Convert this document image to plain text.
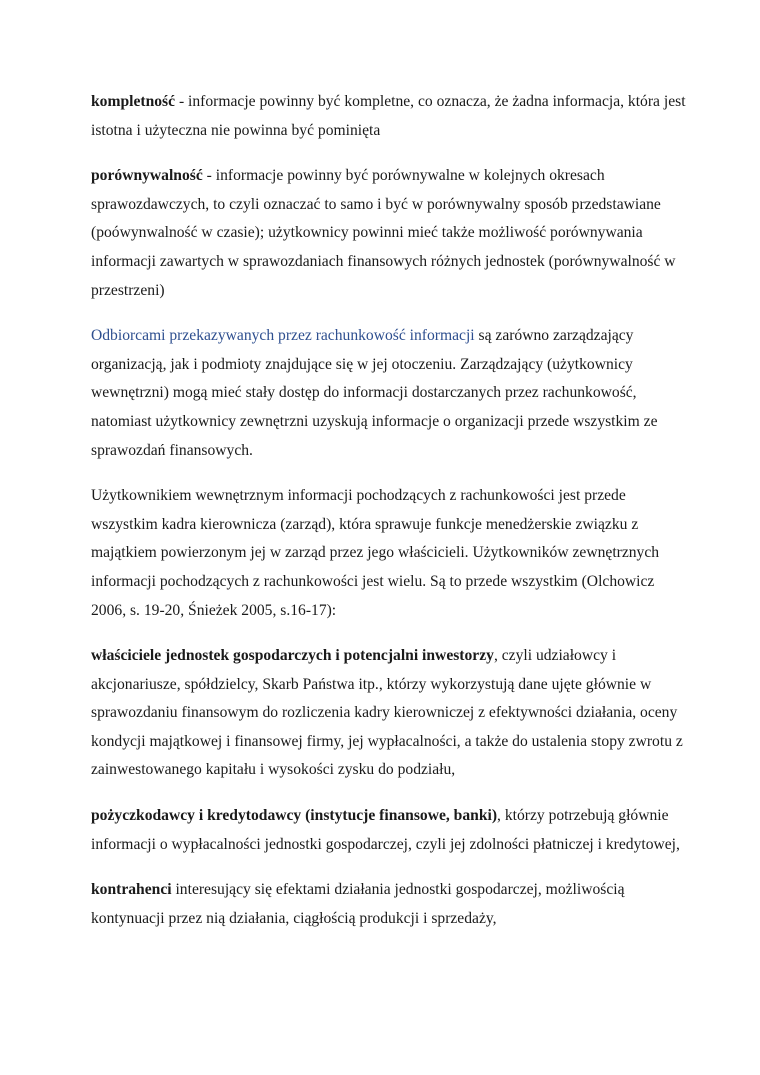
kompletność - informacje powinny być kompletne, co oznacza, że żadna informacja, która jest istotna i użyteczna nie powinna być pominięta

porównywalność - informacje powinny być porównywalne w kolejnych okresach sprawozdawczych, to czyli oznaczać to samo i być w porównywalny sposób przedstawiane (poówynwalność w czasie); użytkownicy powinni mieć także możliwość porównywania informacji zawartych w sprawozdaniach finansowych różnych jednostek (porównywalność w przestrzeni)

Odbiorcami przekazywanych przez rachunkowość informacji są zarówno zarządzający organizacją, jak i podmioty znajdujące się w jej otoczeniu. Zarządzający (użytkownicy wewnętrzni) mogą mieć stały dostęp do informacji dostarczanych przez rachunkowość, natomiast użytkownicy zewnętrzni uzyskują informacje o organizacji przede wszystkim ze sprawozdań finansowych.

Użytkownikiem wewnętrznym informacji pochodzących z rachunkowości jest przede wszystkim kadra kierownicza (zarząd), która sprawuje funkcje menedżerskie związku z majątkiem powierzonym jej w zarząd przez jego właścicieli. Użytkowników zewnętrznych informacji pochodzących z rachunkowości jest wielu. Są to przede wszystkim (Olchowicz 2006, s. 19-20, Śnieżek 2005, s.16-17):

właściciele jednostek gospodarczych i potencjalni inwestorzy, czyli udziałowcy i akcjonariusze, spółdzielcy, Skarb Państwa itp., którzy wykorzystują dane ujęte głównie w sprawozdaniu finansowym do rozliczenia kadry kierowniczej z efektywności działania, oceny kondycji majątkowej i finansowej firmy, jej wypłacalności, a także do ustalenia stopy zwrotu z zainwestowanego kapitału i wysokości zysku do podziału,

pożyczkodawcy i kredytodawcy (instytucje finansowe, banki), którzy potrzebują głównie informacji o wypłacalności jednostki gospodarczej, czyli jej zdolności płatniczej i kredytowej,

kontrahenci interesujący się efektami działania jednostki gospodarczej, możliwością kontynuacji przez nią działania, ciągłością produkcji i sprzedaży,
